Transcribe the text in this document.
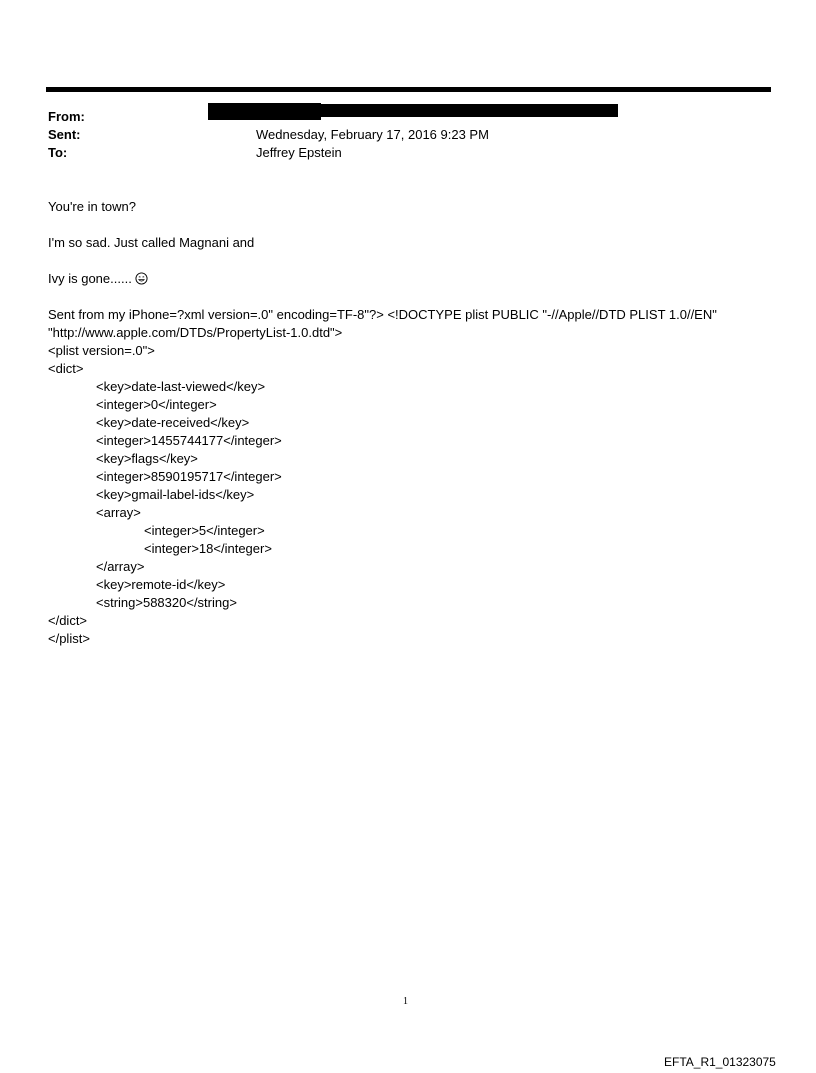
From:
Sent:	Wednesday, February 17, 2016 9:23 PM
To:	Jeffrey Epstein
You're in town?
I'm so sad. Just called Magnani and
Ivy is gone......
Sent from my iPhone=?xml version=.0" encoding=TF-8"?> <!DOCTYPE plist PUBLIC "-//Apple//DTD PLIST 1.0//EN"
"http://www.apple.com/DTDs/PropertyList-1.0.dtd">
<plist version=.0">
<dict>
<key>date-last-viewed</key>
<integer>0</integer>
<key>date-received</key>
<integer>1455744177</integer>
<key>flags</key>
<integer>8590195717</integer>
<key>gmail-label-ids</key>
<array>
<integer>5</integer>
<integer>18</integer>
</array>
<key>remote-id</key>
<string>588320</string>
</dict>
</plist>
1
EFTA_R1_01323075
